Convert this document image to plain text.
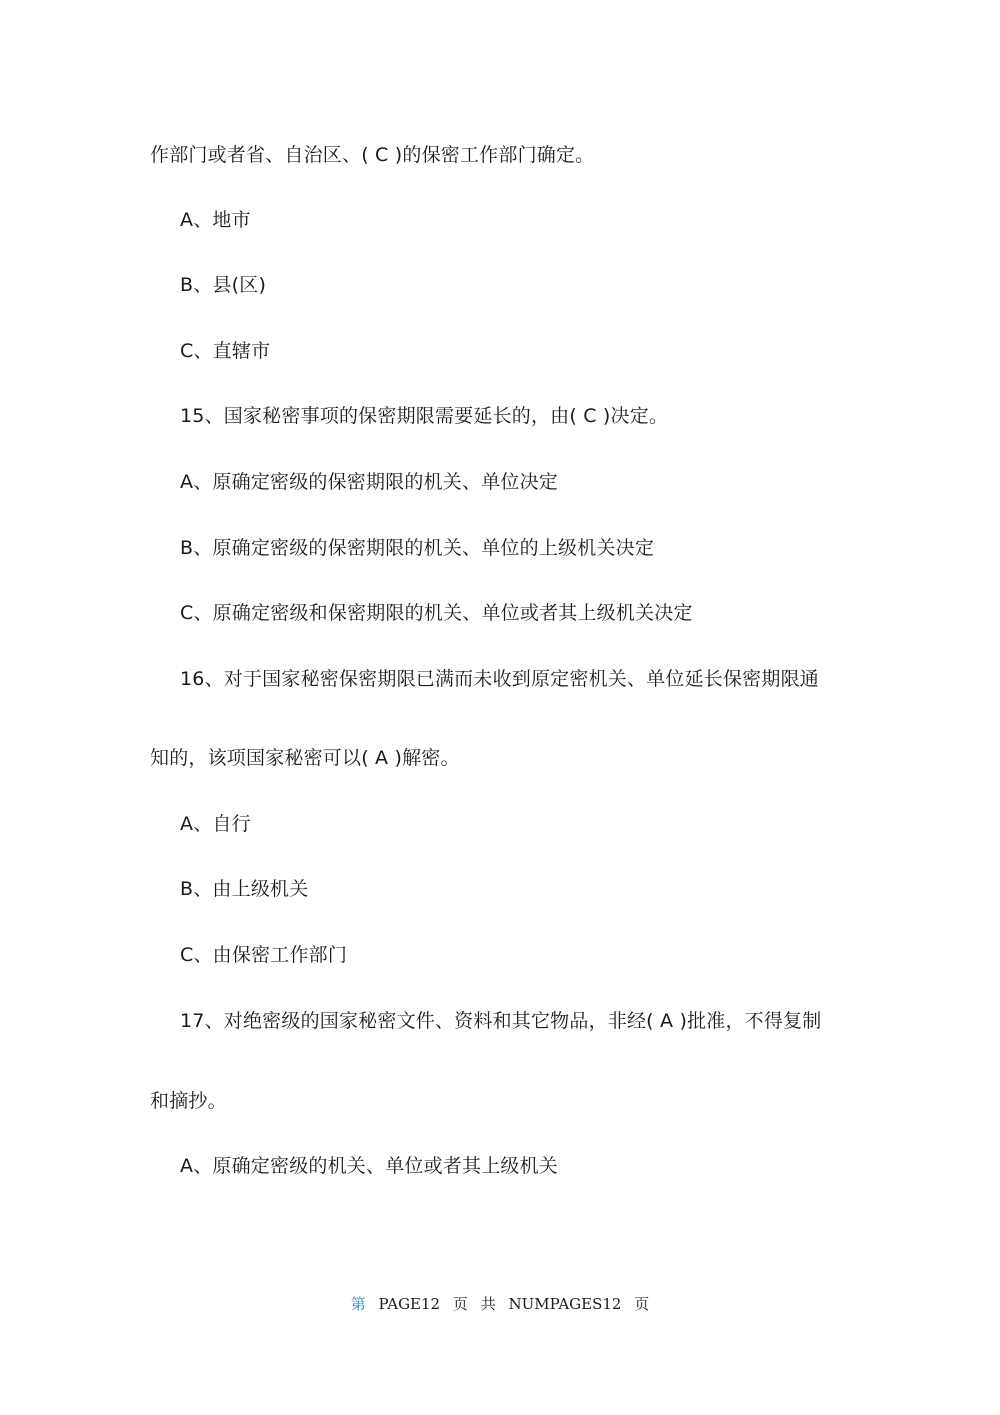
作部门或者省、自治区、( C )的保密工作部门确定。
A、地市
B、县(区)
C、直辖市
15、国家秘密事项的保密期限需要延长的，由( C )决定。
A、原确定密级的保密期限的机关、单位决定
B、原确定密级的保密期限的机关、单位的上级机关决定
C、原确定密级和保密期限的机关、单位或者其上级机关决定
16、对于国家秘密保密期限已满而未收到原定密机关、单位延长保密期限通
知的，该项国家秘密可以( A )解密。
A、自行
B、由上级机关
C、由保密工作部门
17、对绝密级的国家秘密文件、资料和其它物品，非经( A )批准，不得复制
和摘抄。
A、原确定密级的机关、单位或者其上级机关
第 PAGE12 页 共 NUMPAGES12 页
